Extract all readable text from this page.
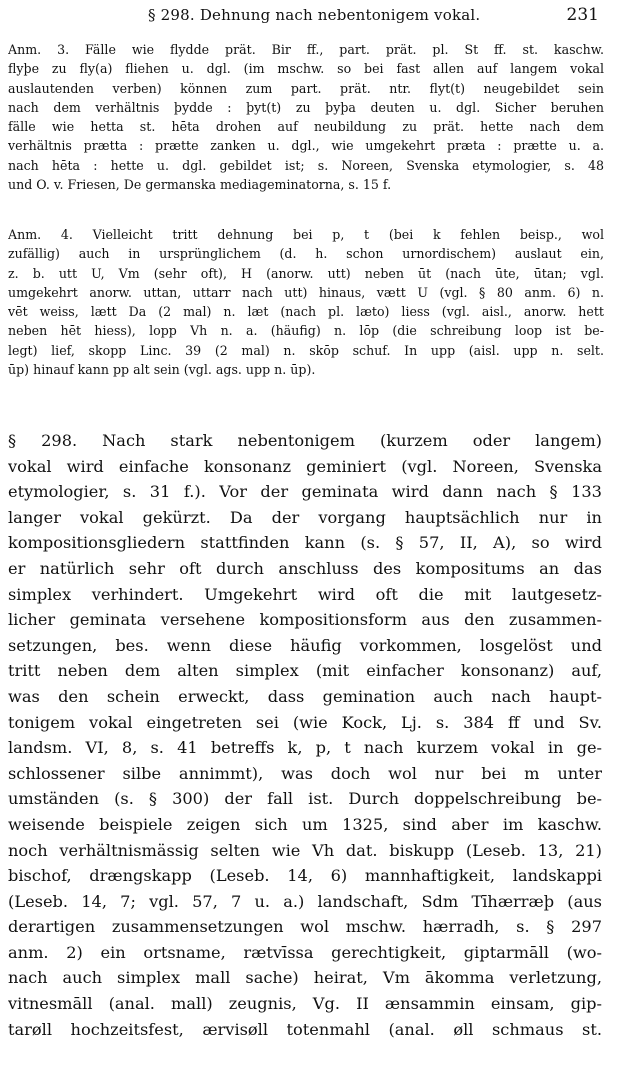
§ 298. Dehnung nach nebentonigem vokal.	231
Anm. 3. Fälle wie flydde prät. Bir ff., part. prät. pl. St ff. st. kaschw.
flyþe zu fly(a) fliehen u. dgl. (im mschw. so bei fast allen auf langem vokal
auslautenden verben) können zum part. prät. ntr. flyt(t) neugebildet sein
nach dem verhältnis þydde : þyt(t) zu þyþa deuten u. dgl. Sicher beruhen
fälle wie hetta st. hēta drohen auf neubildung zu prät. hette nach dem
verhältnis prætta : prætte zanken u. dgl., wie umgekehrt præta : prætte u. a.
nach hēta : hette u. dgl. gebildet ist; s. Noreen, Svenska etymologier, s. 48
und O. v. Friesen, De germanska mediageminatorna, s. 15 f.
Anm. 4. Vielleicht tritt dehnung bei p, t (bei k fehlen beisp., wol
zufällig) auch in ursprünglichem (d. h. schon urnordischem) auslaut ein,
z. b. utt U, Vm (sehr oft), H (anorw. utt) neben ūt (nach ūte, ūtan; vgl.
umgekehrt anorw. uttan, uttarr nach utt) hinaus, vætt U (vgl. § 80 anm. 6) n.
vēt weiss, lætt Da (2 mal) n. læt (nach pl. læto) liess (vgl. aisl., anorw. hett
neben hēt hiess), lopp Vh n. a. (häufig) n. lōp (die schreibung loop ist be-
legt) lief, skopp Linc. 39 (2 mal) n. skōp schuf. In upp (aisl. upp n. selt.
ūp) hinauf kann pp alt sein (vgl. ags. upp n. ūp).
§ 298. Nach stark nebentonigem (kurzem oder langem)
vokal wird einfache konsonanz geminiert (vgl. Noreen, Svenska
etymologier, s. 31 f.). Vor der geminata wird dann nach § 133
langer vokal gekürzt. Da der vorgang hauptsächlich nur in
kompositionsgliedern stattfinden kann (s. § 57, II, A), so wird
er natürlich sehr oft durch anschluss des kompositums an das
simplex verhindert. Umgekehrt wird oft die mit lautgesetz-
licher geminata versehene kompositionsform aus den zusammen-
setzungen, bes. wenn diese häufig vorkommen, losgelöst und
tritt neben dem alten simplex (mit einfacher konsonanz) auf,
was den schein erweckt, dass gemination auch nach haupt-
tonigem vokal eingetreten sei (wie Kock, Lj. s. 384 ff und Sv.
landsm. VI, 8, s. 41 betreffs k, p, t nach kurzem vokal in ge-
schlossener silbe annimmt), was doch wol nur bei m unter
umständen (s. § 300) der fall ist. Durch doppelschreibung be-
weisende beispiele zeigen sich um 1325, sind aber im kaschw.
noch verhältnismässig selten wie Vh dat. biskupp (Leseb. 13, 21)
bischof, drængskapp (Leseb. 14, 6) mannhaftigkeit, landskappi
(Leseb. 14, 7; vgl. 57, 7 u. a.) landschaft, Sdm Tīhærræþ (aus
derartigen zusammensetzungen wol mschw. hærradh, s. § 297
anm. 2) ein ortsname, rætvīssa gerechtigkeit, giptarmāll (wo-
nach auch simplex mall sache) heirat, Vm ākomma verletzung,
vitnesmāll (anal. mall) zeugnis, Vg. II ænsammin einsam, gip-
tarøll hochzeitsfest, ærvisøll totenmahl (anal. øll schmaus st.
